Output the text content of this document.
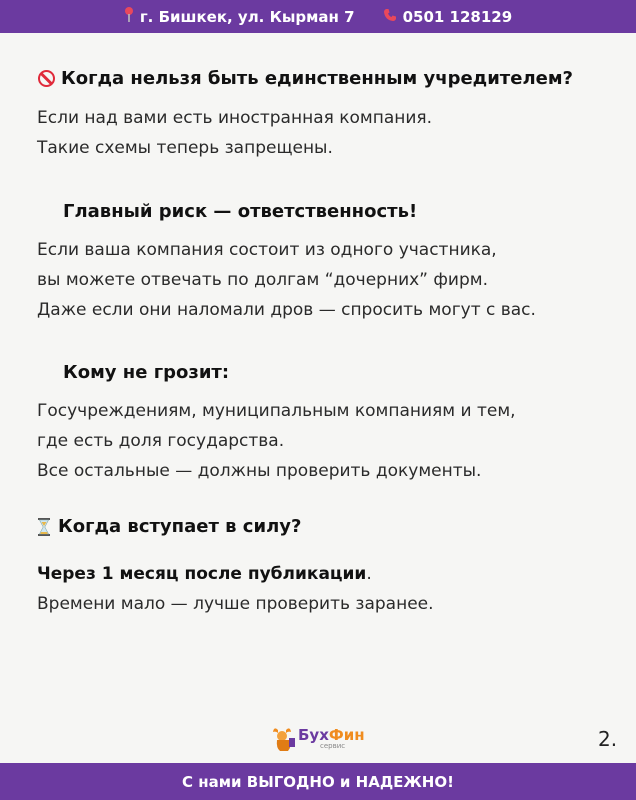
г. Бишкек, ул. Кырман 7	0501 128129
Когда нельзя быть единственным учредителем?
Если над вами есть иностранная компания.
Такие схемы теперь запрещены.
Главный риск — ответственность!
Если ваша компания состоит из одного участника,
вы можете отвечать по долгам “дочерних” фирм.
Даже если они наломали дров — спросить могут с вас.
Кому не грозит:
Госучреждениям, муниципальным компаниям и тем,
где есть доля государства.
Все остальные — должны проверить документы.
Когда вступает в силу?
Через 1 месяц после публикации.
Времени мало — лучше проверить заранее.
БухФин
сервис	2.
С нами ВЫГОДНО и НАДЕЖНО!
